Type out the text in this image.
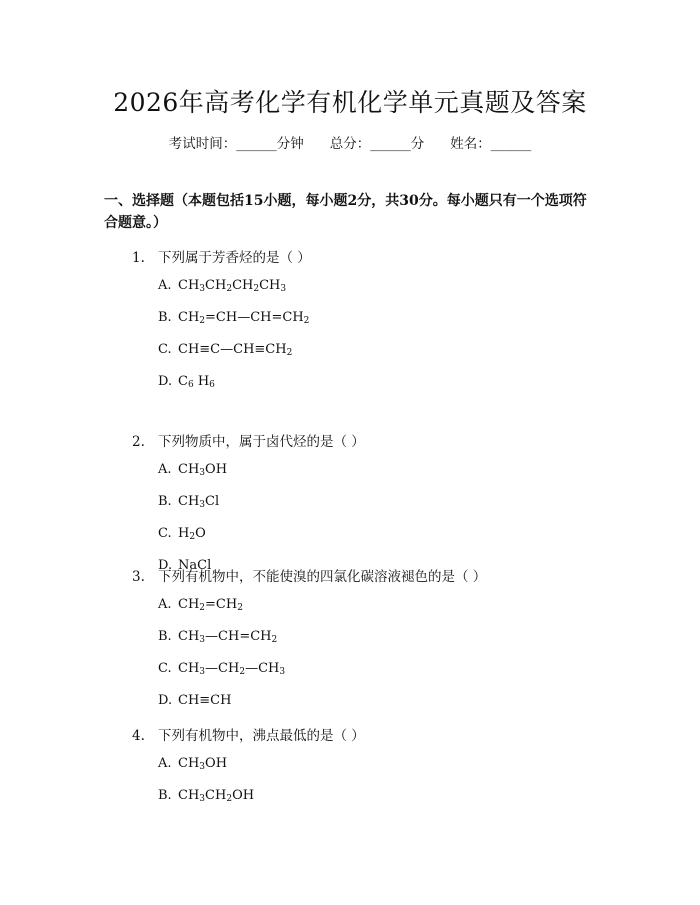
2026年高考化学有机化学单元真题及答案
考试时间：______分钟 总分：______分 姓名：______
一、选择题（本题包括15小题，每小题2分，共30分。每小题只有一个选项符合题意。）
1. 下列属于芳香烃的是（ ）
A. $CH_3CH_2CH_2CH_3$
B. $CH_2=CH—CH=CH_2$
C. $CH\equiv C—CH\equiv CH_2$
D. $C_6$ $H_6$
2. 下列物质中，属于卤代烃的是（ ）
A. $CH_3OH$
B. $CH_3Cl$
C. $H_2O$
D. NaCl
3. 下列有机物中，不能使溴的四氯化碳溶液褪色的是（ ）
A. $CH_2=CH_2$
B. $CH_3—CH=CH_2$
C. $CH_3—CH_2—CH_3$
D. CH≡CH
4. 下列有机物中，沸点最低的是（ ）
A. $CH_3OH$
B. $CH_3CH_2OH$
